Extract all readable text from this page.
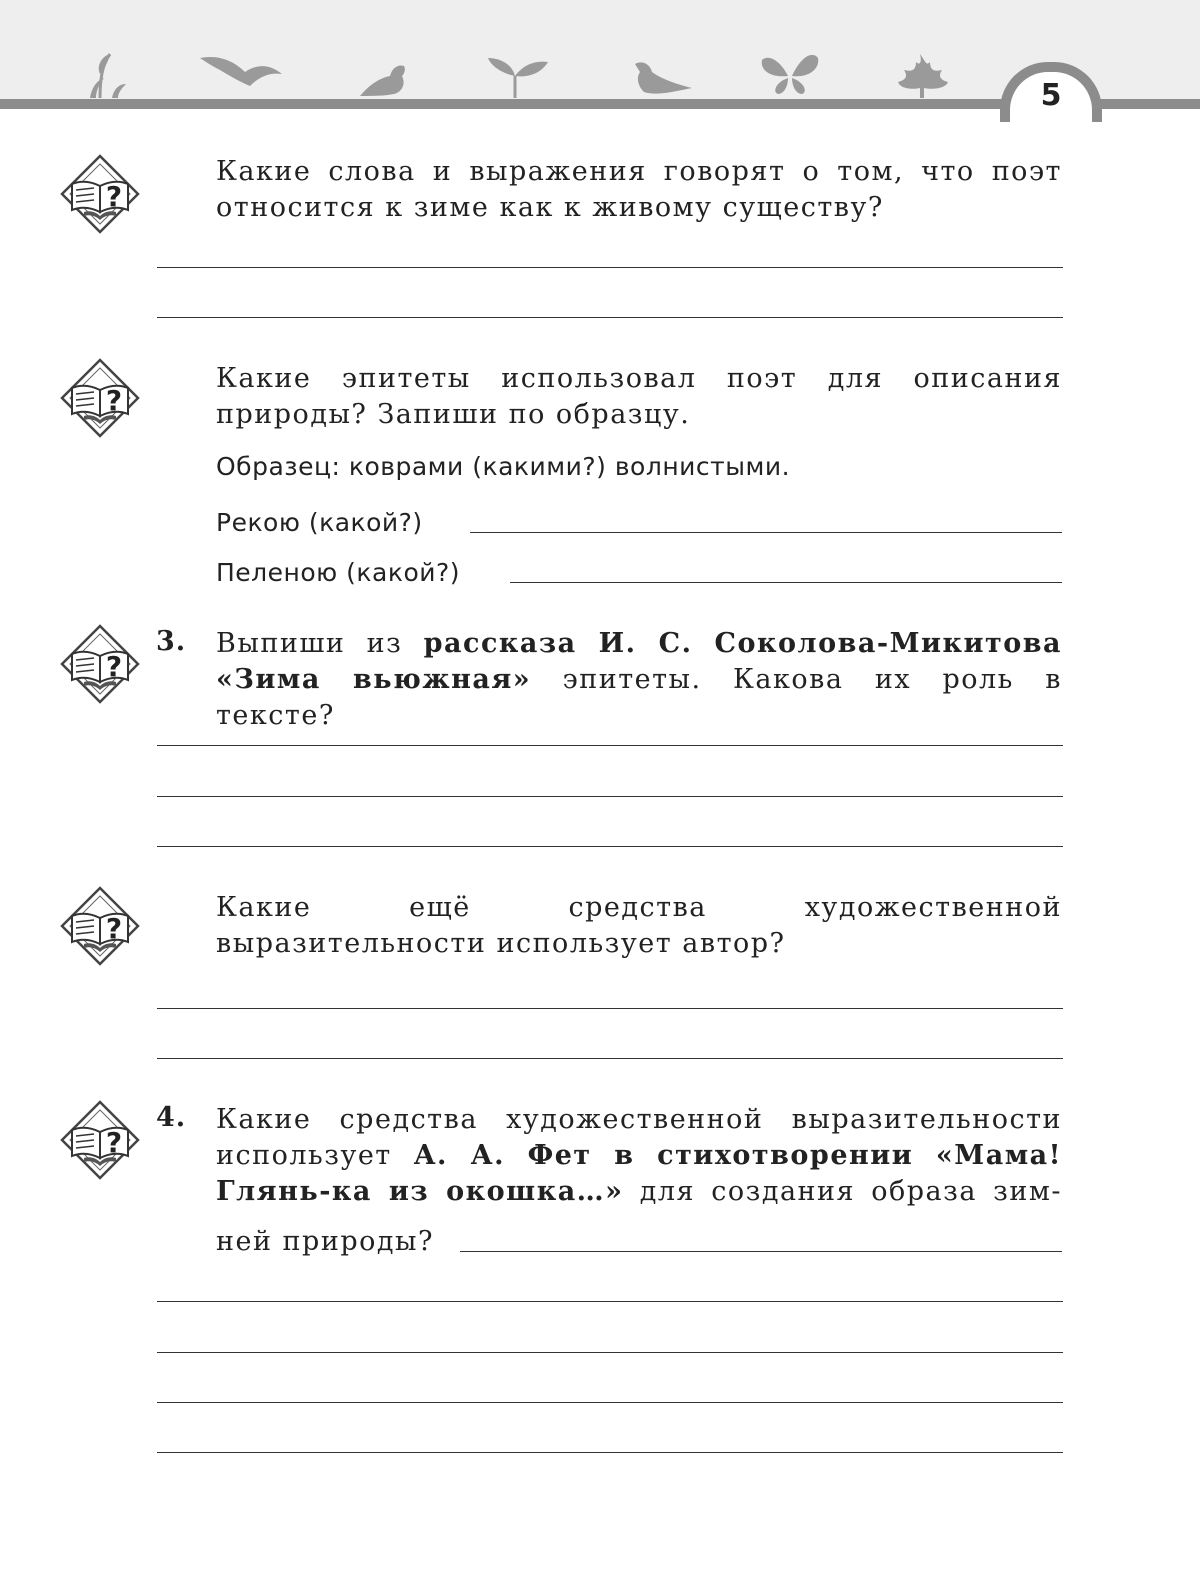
5

Какие слова и выражения говорят о том, что поэт относится к зиме как к живому существу?

Какие эпитеты использовал поэт для описания природы? Запиши по образцу.

Образец: коврами (какими?) волнистыми.
Рекою (какой?)
Пеленою (какой?)
3. Выпиши из рассказа И. С. Соколова-Микитова «Зима вьюжная» эпитеты. Какова их роль в тексте?

Какие ещё средства художественной выразительности использует автор?

4. Какие средства художественной выразительности использует А. А. Фет в стихотворении «Мама! Глянь-ка из окошка…» для создания образа зим-

ней природы?
